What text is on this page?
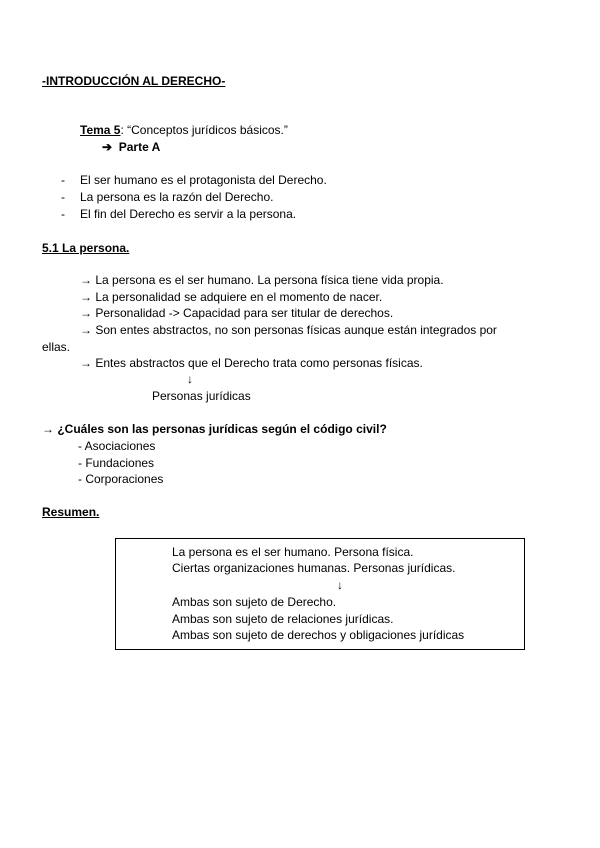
-INTRODUCCIÓN AL DERECHO-
Tema 5: “Conceptos jurídicos básicos.”
➔ Parte A
- El ser humano es el protagonista del Derecho.
- La persona es la razón del Derecho.
- El fin del Derecho es servir a la persona.
5.1 La persona.
→ La persona es el ser humano. La persona física tiene vida propia.
→ La personalidad se adquiere en el momento de nacer.
→ Personalidad -> Capacidad para ser titular de derechos.
→ Son entes abstractos, no son personas físicas aunque están integrados por
ellas.
→ Entes abstractos que el Derecho trata como personas físicas.
↓
Personas jurídicas
→ ¿Cuáles son las personas jurídicas según el código civil?
- Asociaciones
- Fundaciones
- Corporaciones
Resumen.
La persona es el ser humano. Persona física.
Ciertas organizaciones humanas. Personas jurídicas.
↓
Ambas son sujeto de Derecho.
Ambas son sujeto de relaciones jurídicas.
Ambas son sujeto de derechos y obligaciones jurídicas
